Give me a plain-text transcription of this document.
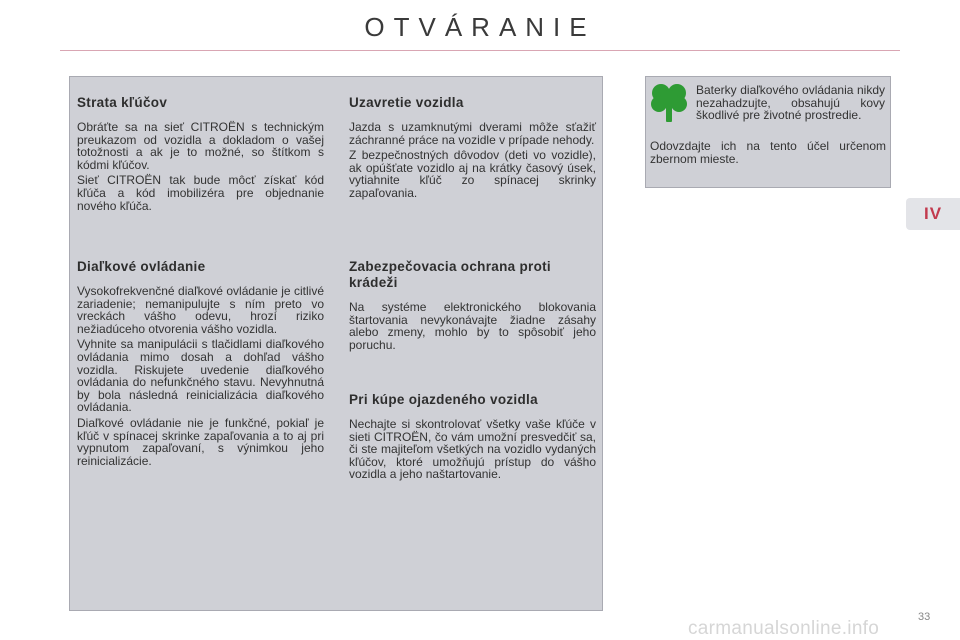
OTVÁRANIE
Strata kľúčov

Obráťte sa na sieť CITROËN s technickým preukazom od vozidla a dokladom o vašej totožnosti a ak je to možné, so štítkom s kódmi kľúčov.

Sieť CITROËN tak bude môcť získať kód kľúča a kód imobilizéra pre objednanie nového kľúča.

Diaľkové ovládanie

Vysokofrekvenčné diaľkové ovládanie je citlivé zariadenie; nemanipulujte s ním preto vo vreckách vášho odevu, hrozí riziko nežiadúceho otvorenia vášho vozidla.

Vyhnite sa manipulácii s tlačidlami diaľkového ovládania mimo dosah a dohľad vášho vozidla. Riskujete uvedenie diaľkového ovládania do nefunkčného stavu. Nevyhnutná by bola následná reinicializácia diaľkového ovládania.

Diaľkové ovládanie nie je funkčné, pokiaľ je kľúč v spínacej skrinke zapaľovania a to aj pri vypnutom zapaľovaní, s výnimkou jeho reinicializácie.

Uzavretie vozidla

Jazda s uzamknutými dverami môže sťažiť záchranné práce na vozidle v prípade nehody.

Z bezpečnostných dôvodov (deti vo vozidle), ak opúšťate vozidlo aj na krátky časový úsek, vytiahnite kľúč zo spínacej skrinky zapaľovania.

Zabezpečovacia ochrana proti krádeži

Na systéme elektronického blokovania štartovania nevykonávajte žiadne zásahy alebo zmeny, mohlo by to spôsobiť jeho poruchu.

Pri kúpe ojazdeného vozidla

Nechajte si skontrolovať všetky vaše kľúče v sieti CITROËN, čo vám umožní presvedčiť sa, či ste majiteľom všetkých na vozidlo vydaných kľúčov, ktoré umožňujú prístup do vášho vozidla a jeho naštartovanie.

Baterky diaľkového ovládania nikdy nezahadzujte, obsahujú kovy škodlivé pre životné prostredie.

Odovzdajte ich na tento účel určenom zbernom mieste.

IV
33
carmanualsonline.info
